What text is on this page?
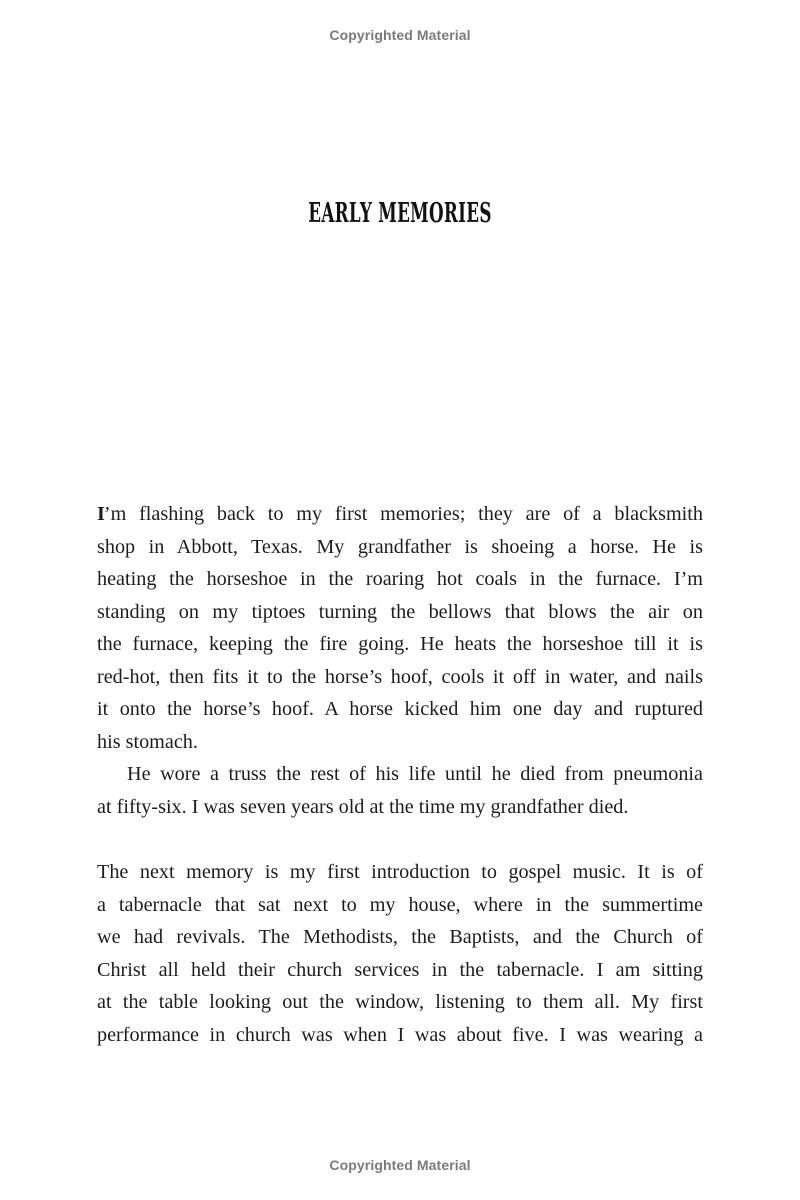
Copyrighted Material
EARLY MEMORIES
I’m flashing back to my first memories; they are of a blacksmith
shop in Abbott, Texas. My grandfather is shoeing a horse. He is
heating the horseshoe in the roaring hot coals in the furnace. I’m
standing on my tiptoes turning the bellows that blows the air on
the furnace, keeping the fire going. He heats the horseshoe till it is
red-hot, then fits it to the horse’s hoof, cools it off in water, and nails
it onto the horse’s hoof. A horse kicked him one day and ruptured
his stomach.
He wore a truss the rest of his life until he died from pneumonia
at fifty-six. I was seven years old at the time my grandfather died.
The next memory is my first introduction to gospel music. It is of
a tabernacle that sat next to my house, where in the summertime
we had revivals. The Methodists, the Baptists, and the Church of
Christ all held their church services in the tabernacle. I am sitting
at the table looking out the window, listening to them all. My first
performance in church was when I was about five. I was wearing a
Copyrighted Material
